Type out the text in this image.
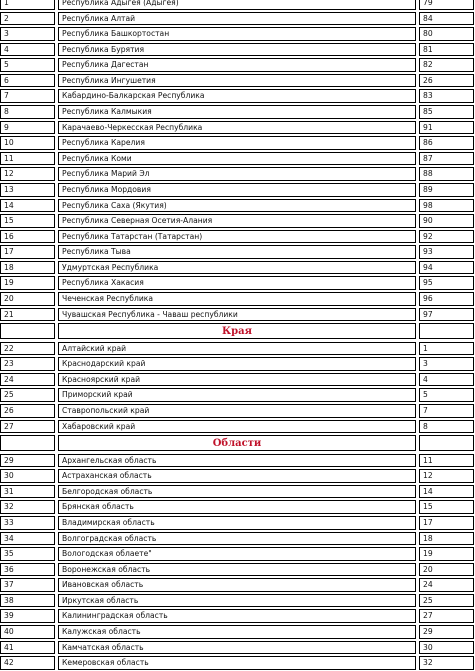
1	Республика Адыгея (Адыгея)	79
2	Республика Алтай	84
3	Республика Башкортостан	80
4	Республика Бурятия	81
5	Республика Дагестан	82
6	Республика Ингушетия	26
7	Кабардино-Балкарская Республика	83
8	Республика Калмыкия	85
9	Карачаево-Черкесская Республика	91
10	Республика Карелия	86
11	Республика Коми	87
12	Республика Марий Эл	88
13	Республика Мордовия	89
14	Республика Саха (Якутия)	98
15	Республика Северная Осетия-Алания	90
16	Республика Татарстан (Татарстан)	92
17	Республика Тыва	93
18	Удмуртская Республика	94
19	Республика Хакасия	95
20	Чеченская Республика	96
21	Чувашская Республика - Чаваш республики	97
Края
22	Алтайский край	1
23	Краснодарский край	3
24	Красноярский край	4
25	Приморский край	5
26	Ставропольский край	7
27	Хабаровский край	8
Области
29	Архангельская область	11
30	Астраханская область	12
31	Белгородская область	14
32	Брянская область	15
33	Владимирская область	17
34	Волгоградская область	18
35	Вологодская облаете"	19
36	Воронежская область	20
37	Ивановская область	24
38	Иркутская область	25
39	Калининградская область	27
40	Калужская область	29
41	Камчатская область	30
42	Кемеровская область	32
